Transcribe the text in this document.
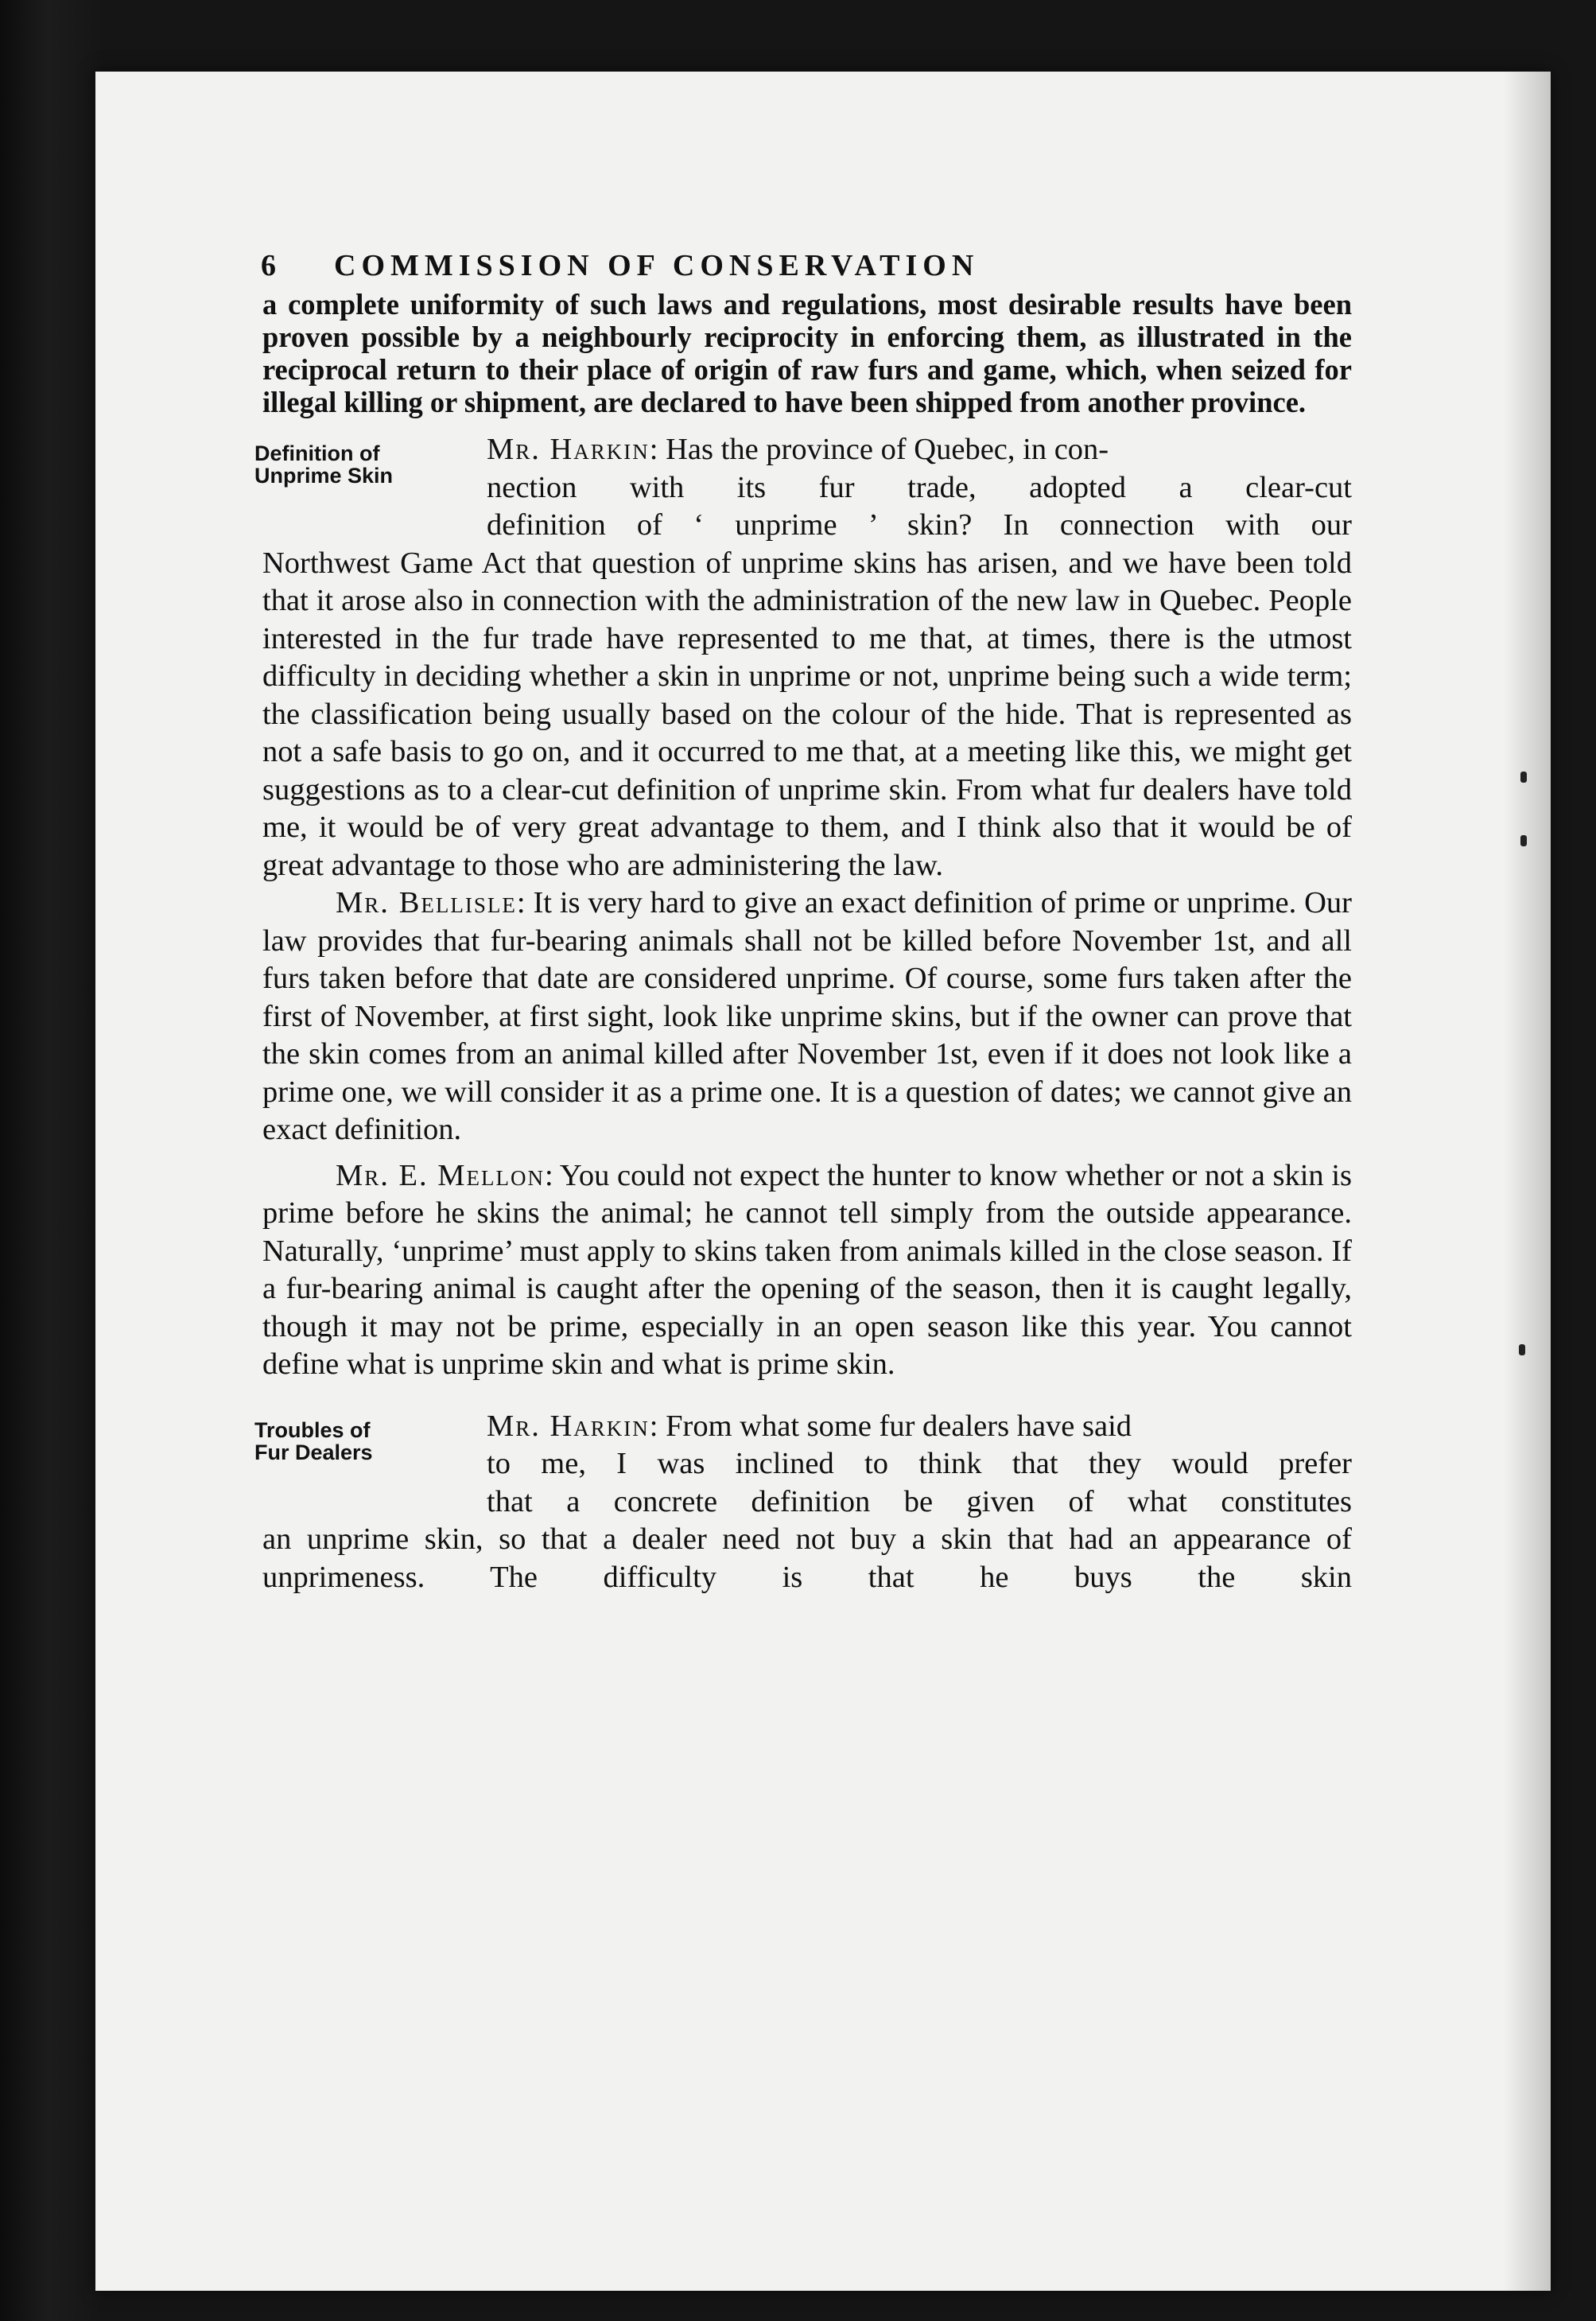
6 COMMISSION OF CONSERVATION

a complete uniformity of such laws and regulations, most desirable results have been proven possible by a neighbourly reciprocity in enforcing them, as illustrated in the reciprocal return to their place of origin of raw furs and game, which, when seized for illegal killing or shipment, are declared to have been shipped from another province.

Definition of
Unprime Skin

Mr. Harkin: Has the province of Quebec, in con-

nection with its fur trade, adopted a clear-cut

definition of ‘ unprime ’ skin? In connection with our

Northwest Game Act that question of unprime skins has arisen, and we have been told that it arose also in connection with the administration of the new law in Quebec. People interested in the fur trade have represented to me that, at times, there is the utmost difficulty in deciding whether a skin in unprime or not, unprime being such a wide term; the classification being usually based on the colour of the hide. That is represented as not a safe basis to go on, and it occurred to me that, at a meeting like this, we might get suggestions as to a clear-cut definition of unprime skin. From what fur dealers have told me, it would be of very great advantage to them, and I think also that it would be of great advantage to those who are administering the law.

Mr. Bellisle: It is very hard to give an exact definition of prime or unprime. Our law provides that fur-bearing animals shall not be killed before November 1st, and all furs taken before that date are considered unprime. Of course, some furs taken after the first of November, at first sight, look like unprime skins, but if the owner can prove that the skin comes from an animal killed after November 1st, even if it does not look like a prime one, we will consider it as a prime one. It is a question of dates; we cannot give an exact definition.

Mr. E. Mellon: You could not expect the hunter to know whether or not a skin is prime before he skins the animal; he cannot tell simply from the outside appearance. Naturally, ‘unprime’ must apply to skins taken from animals killed in the close season. If a fur-bearing animal is caught after the opening of the season, then it is caught legally, though it may not be prime, especially in an open season like this year. You cannot define what is unprime skin and what is prime skin.

Troubles of
Fur Dealers

Mr. Harkin: From what some fur dealers have said

to me, I was inclined to think that they would prefer

that a concrete definition be given of what constitutes

an unprime skin, so that a dealer need not buy a skin that had an appearance of unprimeness. The difficulty is that he buys the skin
